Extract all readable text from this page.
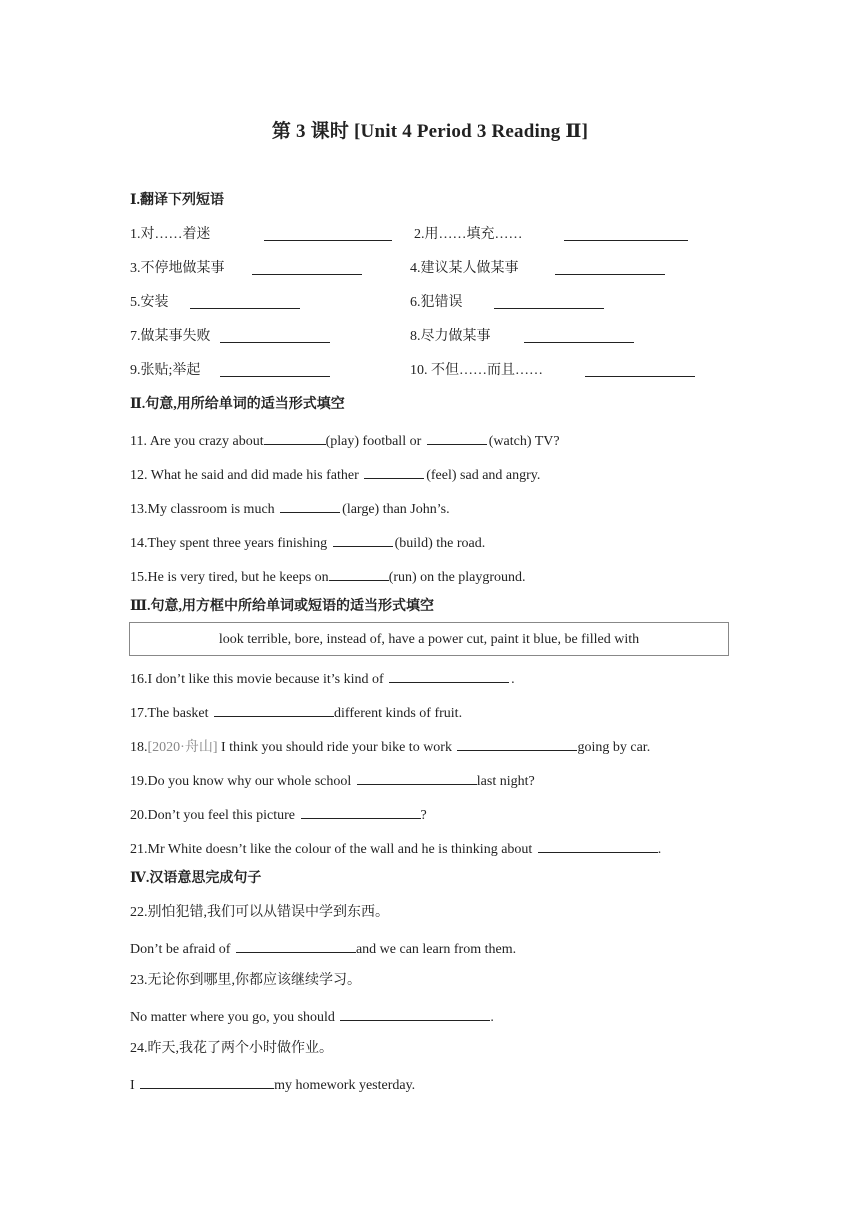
第 3 课时 [Unit 4 Period 3 Reading Ⅱ]
Ⅰ.翻译下列短语
1.对……着迷	2.用……填充……
3.不停地做某事	4.建议某人做某事
5.安装	6.犯错误
7.做某事失败	8.尽力做某事
9.张贴;举起	10. 不但……而且……
Ⅱ.句意,用所给单词的适当形式填空
11. Are you crazy about	(play) football or	(watch) TV?
12. What he said and did made his father	(feel) sad and angry.
13.My classroom is much	(large) than John’s.
14.They spent three years finishing	(build) the road.
15.He is very tired, but he keeps on	(run) on the playground.
Ⅲ.句意,用方框中所给单词或短语的适当形式填空
look terrible, bore, instead of, have a power cut, paint it blue, be filled with
16.I don’t like this movie because it’s kind of	.
17.The basket	different kinds of fruit.
18.[2020·舟山] I think you should ride your bike to work	going by car.
19.Do you know why our whole school	last night?
20.Don’t you feel this picture	?
21.Mr White doesn’t like the colour of the wall and he is thinking about	.
Ⅳ.汉语意思完成句子
22.别怕犯错,我们可以从错误中学到东西。
Don’t be afraid of	and we can learn from them.
23.无论你到哪里,你都应该继续学习。
No matter where you go, you should	.
24.昨天,我花了两个小时做作业。
I	my homework yesterday.
